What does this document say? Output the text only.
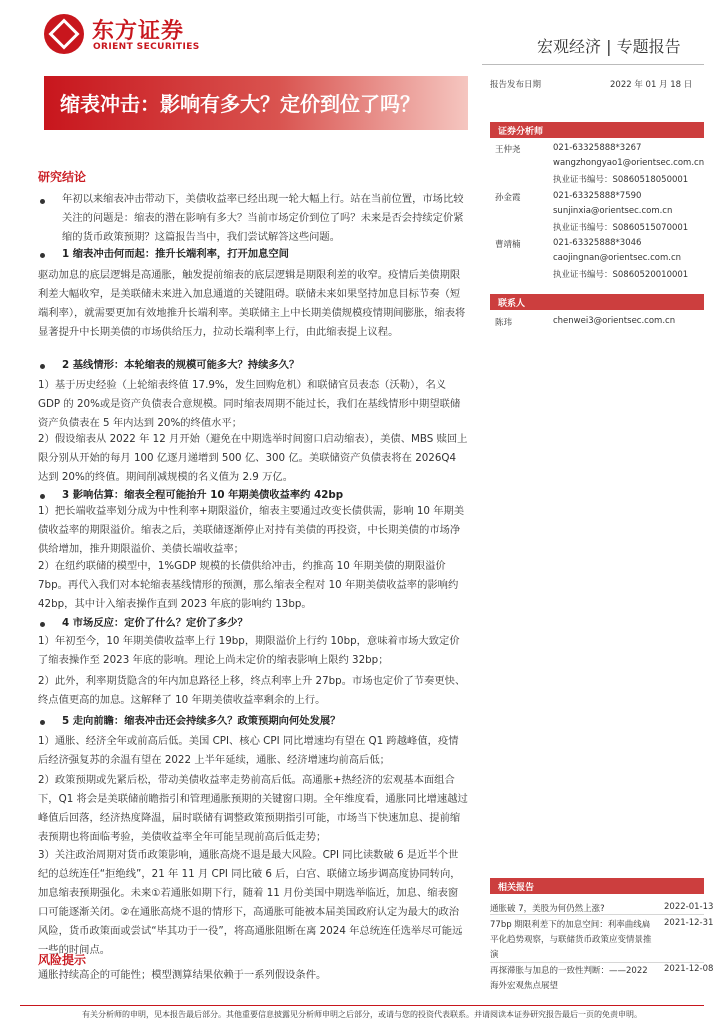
东方证券
ORIENT SECURITIES	宏观经济 | 专题报告
缩表冲击：影响有多大？定价到位了吗？
报告发布日期	2022 年 01 月 18 日
证券分析师
王仲尧	021-63325888*3267
wangzhongyao1@orientsec.com.cn
执业证书编号：S0860518050001
孙金霞	021-63325888*7590
sunjinxia@orientsec.com.cn
执业证书编号：S0860515070001
曹靖楠	021-63325888*3046
caojingnan@orientsec.com.cn
执业证书编号：S0860520010001
联系人
陈玮	chenwei3@orientsec.com.cn
相关报告
通胀破 7，美股为何仍然上涨?	2022-01-13
77bp 期限利差下的加息空间：利率曲线扁平化趋势观察，与联储货币政策应变情景推演
2021-12-31
再探滞胀与加息的一致性判断：——2022 海外宏观焦点展望
2021-12-08
研究结论
年初以来缩表冲击带动下，美债收益率已经出现一轮大幅上行。站在当前位置，市场比较关注的问题是：缩表的潜在影响有多大？当前市场定价到位了吗？未来是否会持续定价紧缩的货币政策预期？这篇报告当中，我们尝试解答这些问题。
1 缩表冲击何而起：推升长端利率，打开加息空间
驱动加息的底层逻辑是高通胀，触发提前缩表的底层逻辑是期限利差的收窄。疫情后美债期限利差大幅收窄，是美联储未来进入加息通道的关键阻碍。联储未来如果坚持加息目标节奏（短端利率），就需要更加有效地推升长端利率。美联储主上中长期美债规模疫情期间膨胀，缩表将显著提升中长期美债的市场供给压力，拉动长端利率上行，由此缩表提上议程。
2 基线情形：本轮缩表的规模可能多大？持续多久？
1）基于历史经验（上轮缩表终值 17.9%，发生回购危机）和联储官员表态（沃勒），名义 GDP 的 20%或是资产负债表合意规模。同时缩表周期不能过长，我们在基线情形中期望联储资产负债表在 5 年内达到 20%的终值水平；
2）假设缩表从 2022 年 12 月开始（避免在中期选举时间窗口启动缩表），美债、MBS 赎回上限分别从开始的每月 100 亿逐月递增到 500 亿、300 亿。美联储资产负债表将在 2026Q4 达到 20%的终值。期间削减规模的名义值为 2.9 万亿。
3 影响估算：缩表全程可能抬升 10 年期美债收益率约 42bp
1）把长端收益率划分成为中性利率+期限溢价，缩表主要通过改变长债供需，影响 10 年期美债收益率的期限溢价。缩表之后，美联储逐渐停止对持有美债的再投资，中长期美债的市场净供给增加，推升期限溢价、美债长端收益率；
2）在纽约联储的模型中，1%GDP 规模的长债供给冲击，约推高 10 年期美债的期限溢价 7bp。再代入我们对本轮缩表基线情形的预测，那么缩表全程对 10 年期美债收益率的影响约 42bp，其中计入缩表操作直到 2023 年底的影响约 13bp。
4 市场反应：定价了什么？定价了多少？
1）年初至今，10 年期美债收益率上行 19bp，期限溢价上行约 10bp，意味着市场大致定价了缩表操作至 2023 年底的影响。理论上尚未定价的缩表影响上限约 32bp；
2）此外，利率期货隐含的年内加息路径上移，终点利率上升 27bp。市场也定价了节奏更快、终点值更高的加息。这解释了 10 年期美债收益率剩余的上行。
5 走向前瞻：缩表冲击还会持续多久？政策预期向何处发展？
1）通胀、经济全年或前高后低。美国 CPI、核心 CPI 同比增速均有望在 Q1 跨越峰值，疫情后经济强复苏的余温有望在 2022 上半年延续，通胀、经济增速均前高后低；
2）政策预期或先紧后松，带动美债收益率走势前高后低。高通胀+热经济的宏观基本面组合下，Q1 将会是美联储前瞻指引和管理通胀预期的关键窗口期。全年维度看，通胀同比增速越过峰值后回落，经济热度降温，届时联储有调整政策预期指引可能，市场当下快速加息、提前缩表预期也将面临考验，美债收益率全年可能呈现前高后低走势；
3）关注政治周期对货币政策影响，通胀高烧不退是最大风险。CPI 同比读数破 6 是近半个世纪的总统连任“拒绝线”，21 年 11 月 CPI 同比破 6 后，白宫、联储立场步调高度协同转向，加息缩表预期强化。未来①若通胀如期下行，随着 11 月份美国中期选举临近，加息、缩表窗口可能逐渐关闭。②在通胀高烧不退的情形下，高通胀可能被本届美国政府认定为最大的政治风险，货币政策面或尝试“毕其功于一役”，将高通胀阻断在离 2024 年总统连任选举尽可能远一些的时间点。
风险提示
通胀持续高企的可能性；模型测算结果依赖于一系列假设条件。
有关分析师的申明，见本报告最后部分。其他重要信息披露见分析师申明之后部分，或请与您的投资代表联系。并请阅读本证券研究报告最后一页的免责申明。
